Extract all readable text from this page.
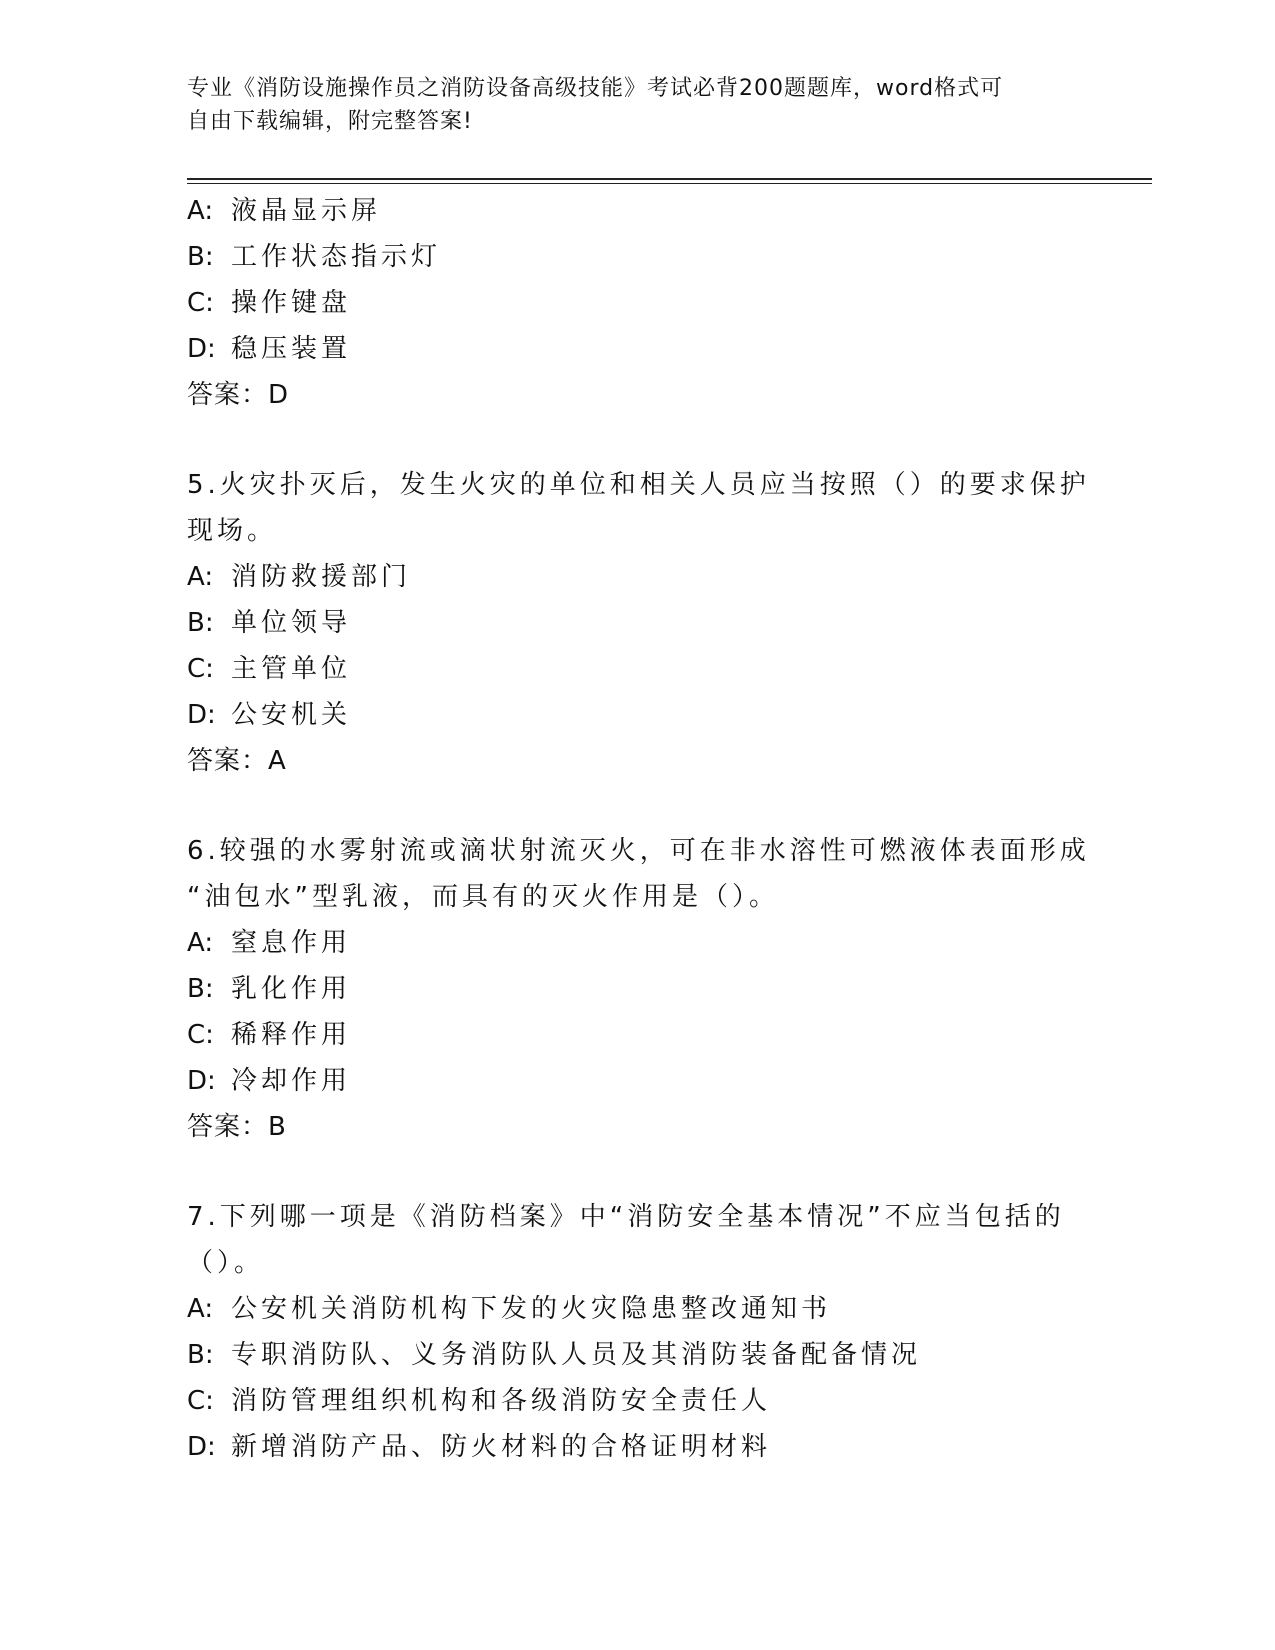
专业《消防设施操作员之消防设备高级技能》考试必背200题题库，word格式可
自由下载编辑，附完整答案!
A: 液晶显示屏
B: 工作状态指示灯
C: 操作键盘
D: 稳压装置
答案：D
5.火灾扑灭后，发生火灾的单位和相关人员应当按照（）的要求保护
现场。
A: 消防救援部门
B: 单位领导
C: 主管单位
D: 公安机关
答案：A
6.较强的水雾射流或滴状射流灭火，可在非水溶性可燃液体表面形成
“油包水”型乳液，而具有的灭火作用是（）。
A: 窒息作用
B: 乳化作用
C: 稀释作用
D: 冷却作用
答案：B
7.下列哪一项是《消防档案》中“消防安全基本情况”不应当包括的
（）。
A: 公安机关消防机构下发的火灾隐患整改通知书
B: 专职消防队、义务消防队人员及其消防装备配备情况
C: 消防管理组织机构和各级消防安全责任人
D: 新增消防产品、防火材料的合格证明材料
